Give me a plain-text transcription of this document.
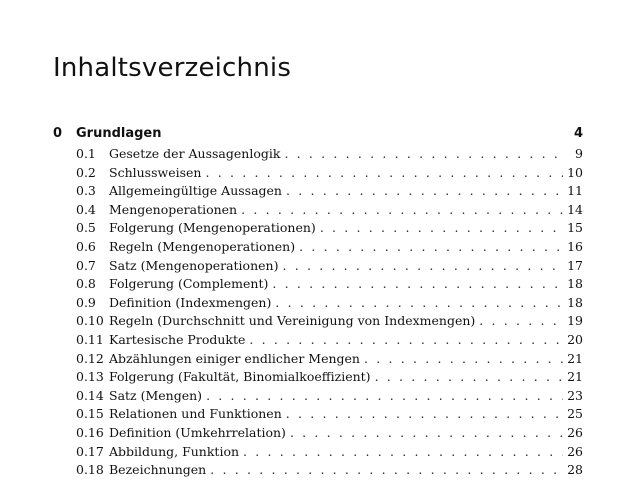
Inhaltsverzeichnis
0	Grundlagen	4
0.1	Gesetze der Aussagenlogik . . .	9
0.2	Schlussweisen . . .	10
0.3	Allgemeingültige Aussagen . . .	11
0.4	Mengenoperationen . . .	14
0.5	Folgerung (Mengenoperationen) . . .	15
0.6	Regeln (Mengenoperationen) . . .	16
0.7	Satz (Mengenoperationen) . . .	17
0.8	Folgerung (Complement) . . .	18
0.9	Definition (Indexmengen) . . .	18
0.10 Regeln (Durchschnitt und Vereinigung von Indexmengen) . . .	19
0.11 Kartesische Produkte . . .	20
0.12 Abzählungen einiger endlicher Mengen . . .	21
0.13 Folgerung (Fakultät, Binomialkoeffizient) . . .	21
0.14 Satz (Mengen) . . .	23
0.15 Relationen und Funktionen . . .	25
0.16 Definition (Umkehrrelation) . . .	26
0.17 Abbildung, Funktion . . .	26
0.18 Bezeichnungen . . .	28
